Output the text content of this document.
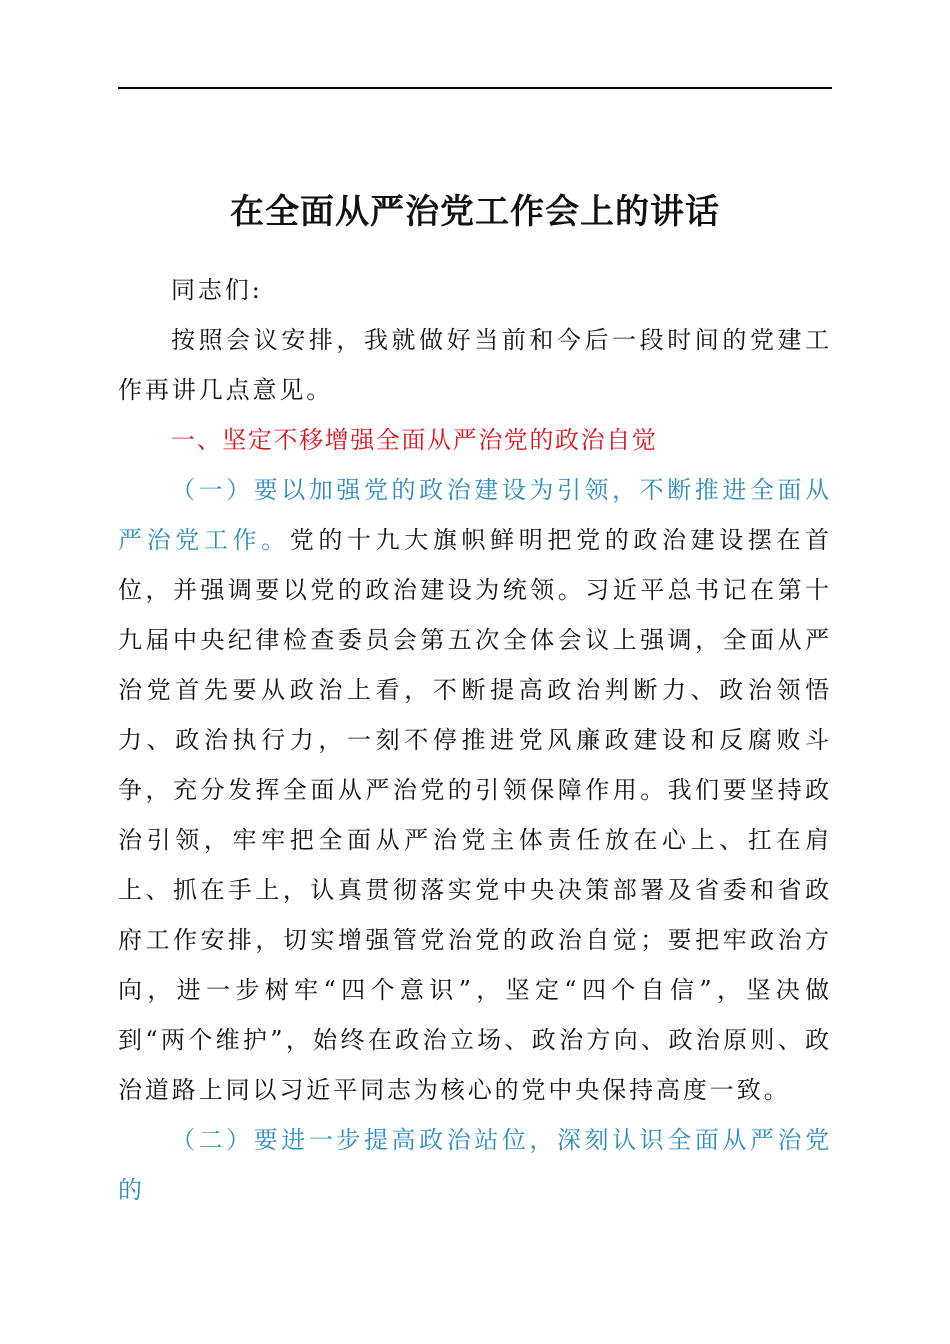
在全面从严治党工作会上的讲话

同志们:

按照会议安排，我就做好当前和今后一段时间的党建工作再讲几点意见。

一、坚定不移增强全面从严治党的政治自觉

（一）要以加强党的政治建设为引领，不断推进全面从严治党工作。党的十九大旗帜鲜明把党的政治建设摆在首位，并强调要以党的政治建设为统领。习近平总书记在第十九届中央纪律检查委员会第五次全体会议上强调，全面从严治党首先要从政治上看，不断提高政治判断力、政治领悟力、政治执行力，一刻不停推进党风廉政建设和反腐败斗争，充分发挥全面从严治党的引领保障作用。我们要坚持政治引领，牢牢把全面从严治党主体责任放在心上、扛在肩上、抓在手上，认真贯彻落实党中央决策部署及省委和省政府工作安排，切实增强管党治党的政治自觉；要把牢政治方向，进一步树牢“四个意识”，坚定“四个自信”，坚决做到“两个维护”，始终在政治立场、政治方向、政治原则、政治道路上同以习近平同志为核心的党中央保持高度一致。

（二）要进一步提高政治站位，深刻认识全面从严治党的
